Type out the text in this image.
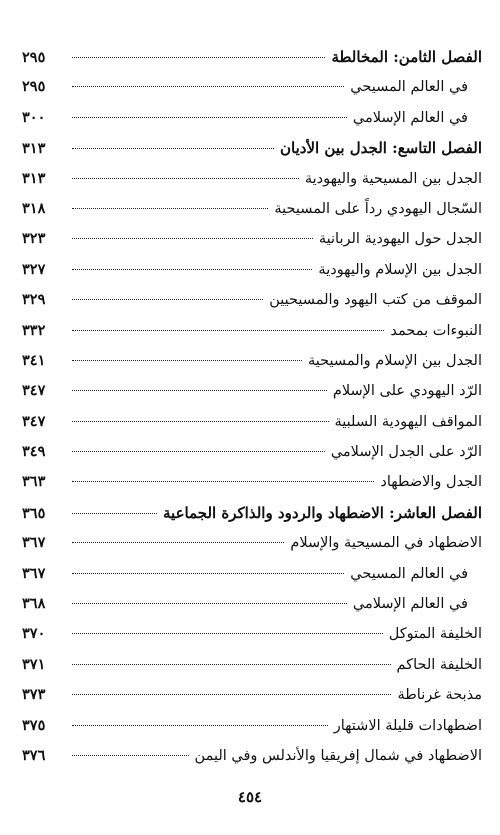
الفصل الثامن: المخالطة
٢٩٥
في العالم المسيحي
٢٩٥
في العالم الإسلامي
٣٠٠
الفصل التاسع: الجدل بين الأديان
٣١٣
الجدل بين المسيحية واليهودية
٣١٣
السّجال اليهودي رداً على المسيحية
٣١٨
الجدل حول اليهودية الربانية
٣٢٣
الجدل بين الإسلام واليهودية
٣٢٧
الموقف من كتب اليهود والمسيحيين
٣٢٩
النبوءات بمحمد
٣٣٢
الجدل بين الإسلام والمسيحية
٣٤١
الرّد اليهودي على الإسلام
٣٤٧
المواقف اليهودية السلبية
٣٤٧
الرّد على الجدل الإسلامي
٣٤٩
الجدل والاضطهاد
٣٦٣
الفصل العاشر: الاضطهاد والردود والذاكرة الجماعية
٣٦٥
الاضطهاد في المسيحية والإسلام
٣٦٧
في العالم المسيحي
٣٦٧
في العالم الإسلامي
٣٦٨
الخليفة المتوكل
٣٧٠
الخليفة الحاكم
٣٧١
مذبحة غرناطة
٣٧٣
اضطهادات قليلة الاشتهار
٣٧٥
الاضطهاد في شمال إفريقيا والأندلس وفي اليمن
٣٧٦
٤٥٤
